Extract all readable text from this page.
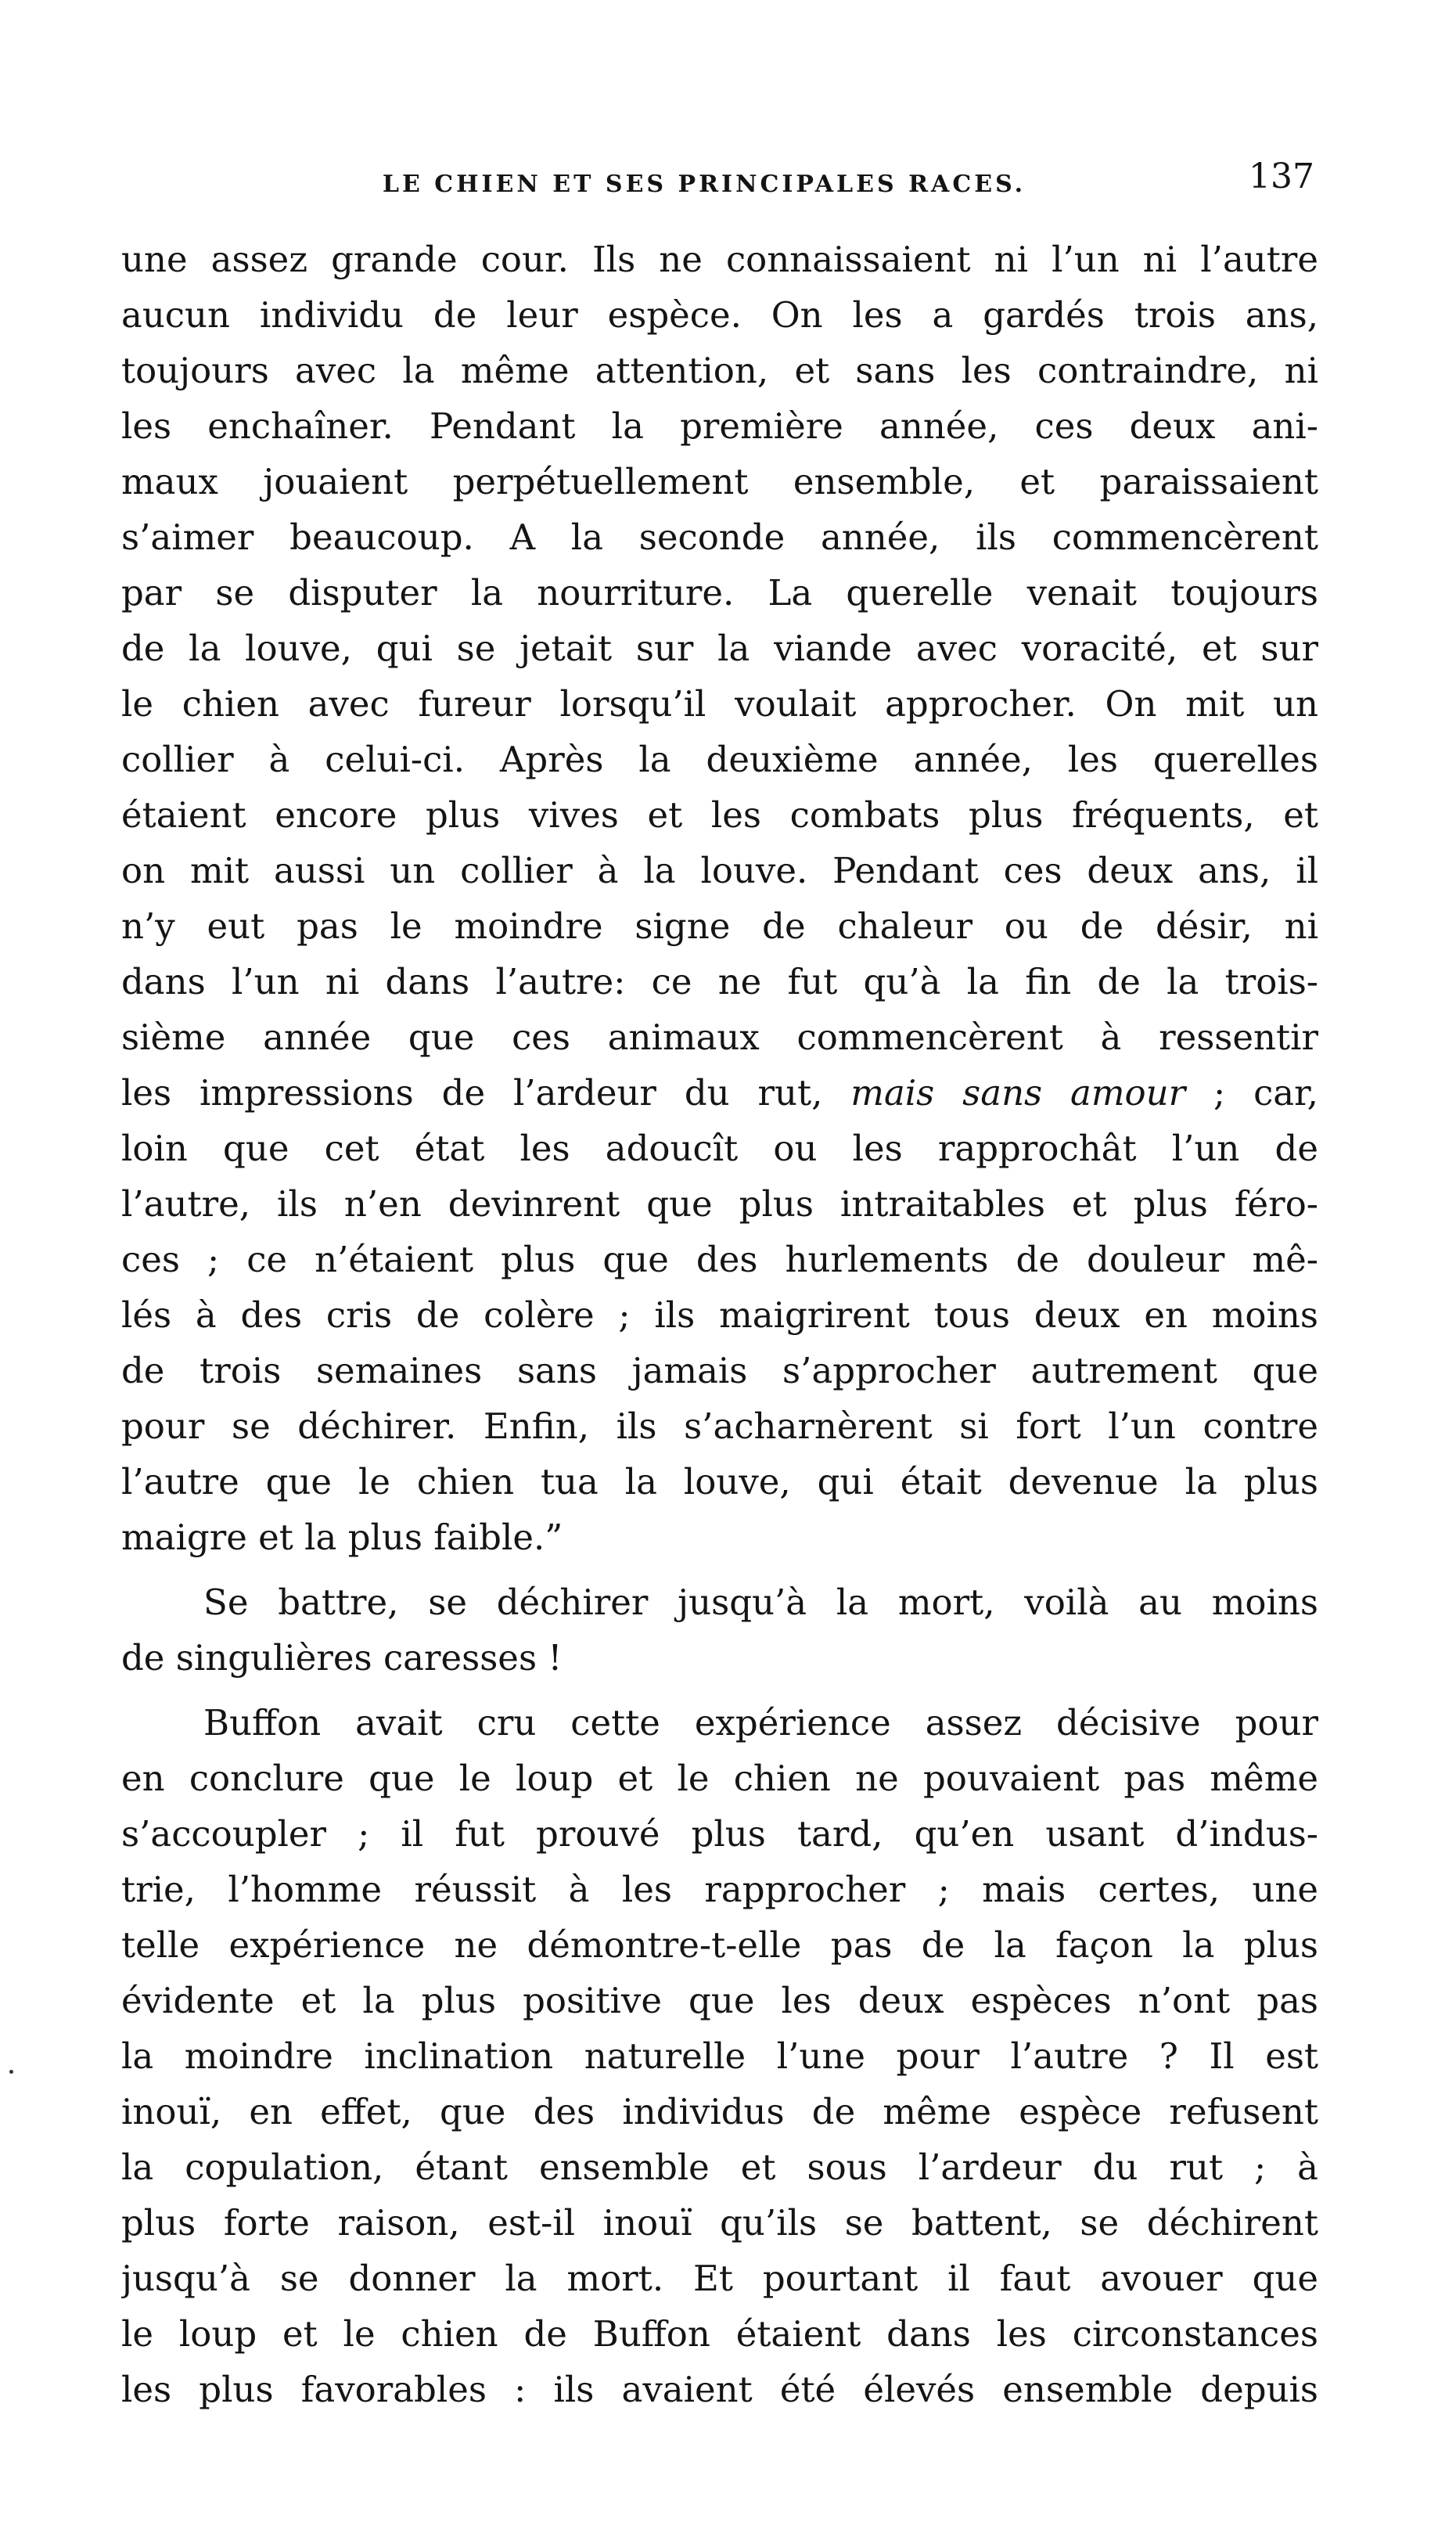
LE CHIEN ET SES PRINCIPALES RACES.	137
une assez grande cour. Ils ne connaissaient ni l’un ni l’autre
aucun individu de leur espèce. On les a gardés trois ans,
toujours avec la même attention, et sans les contraindre, ni
les enchaîner. Pendant la première année, ces deux ani-
maux jouaient perpétuellement ensemble, et paraissaient
s’aimer beaucoup. A la seconde année, ils commencèrent
par se disputer la nourriture. La querelle venait toujours
de la louve, qui se jetait sur la viande avec voracité, et sur
le chien avec fureur lorsqu’il voulait approcher. On mit un
collier à celui-ci. Après la deuxième année, les querelles
étaient encore plus vives et les combats plus fréquents, et
on mit aussi un collier à la louve. Pendant ces deux ans, il
n’y eut pas le moindre signe de chaleur ou de désir, ni
dans l’un ni dans l’autre: ce ne fut qu’à la fin de la trois-
sième année que ces animaux commencèrent à ressentir
les impressions de l’ardeur du rut, mais sans amour ; car,
loin que cet état les adoucît ou les rapprochât l’un de
l’autre, ils n’en devinrent que plus intraitables et plus féro-
ces ; ce n’étaient plus que des hurlements de douleur mê-
lés à des cris de colère ; ils maigrirent tous deux en moins
de trois semaines sans jamais s’approcher autrement que
pour se déchirer. Enfin, ils s’acharnèrent si fort l’un contre
l’autre que le chien tua la louve, qui était devenue la plus
maigre et la plus faible.”
Se battre, se déchirer jusqu’à la mort, voilà au moins
de singulières caresses !
Buffon avait cru cette expérience assez décisive pour
en conclure que le loup et le chien ne pouvaient pas même
s’accoupler ; il fut prouvé plus tard, qu’en usant d’indus-
trie, l’homme réussit à les rapprocher ; mais certes, une
telle expérience ne démontre-t-elle pas de la façon la plus
évidente et la plus positive que les deux espèces n’ont pas
la moindre inclination naturelle l’une pour l’autre ? Il est
inouï, en effet, que des individus de même espèce refusent
la copulation, étant ensemble et sous l’ardeur du rut ; à
plus forte raison, est-il inouï qu’ils se battent, se déchirent
jusqu’à se donner la mort. Et pourtant il faut avouer que
le loup et le chien de Buffon étaient dans les circonstances
les plus favorables : ils avaient été élevés ensemble depuis
